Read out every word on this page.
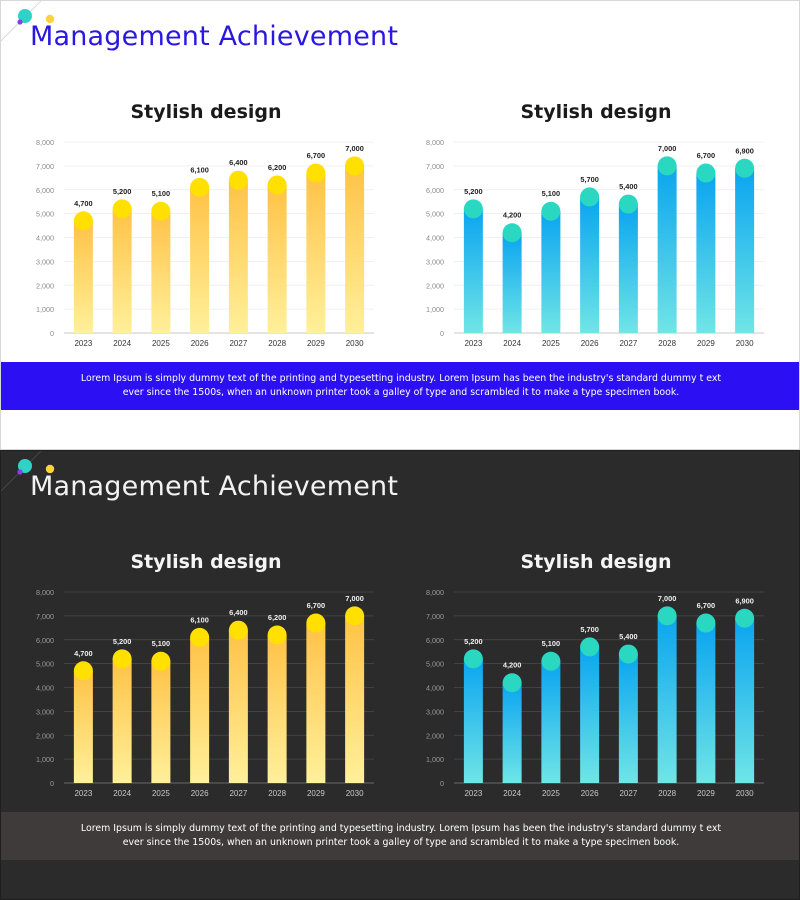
Management Achievement
Stylish design
0
1,000
2,000
3,000
4,000
5,000
6,000
7,000
8,000
4,700
2023
5,200
2024
5,100
2025
6,100
2026
6,400
2027
6,200
2028
6,700
2029
7,000
2030
Stylish design
0
1,000
2,000
3,000
4,000
5,000
6,000
7,000
8,000
5,200
2023
4,200
2024
5,100
2025
5,700
2026
5,400
2027
7,000
2028
6,700
2029
6,900
2030
Lorem Ipsum is simply dummy text of the printing and typesetting industry. Lorem Ipsum has been the industry's standard dummy t ext ever since the 1500s, when an unknown printer took a galley of type and scrambled it to make a type specimen book.
Management Achievement
Stylish design
0
1,000
2,000
3,000
4,000
5,000
6,000
7,000
8,000
4,700
2023
5,200
2024
5,100
2025
6,100
2026
6,400
2027
6,200
2028
6,700
2029
7,000
2030
Stylish design
0
1,000
2,000
3,000
4,000
5,000
6,000
7,000
8,000
5,200
2023
4,200
2024
5,100
2025
5,700
2026
5,400
2027
7,000
2028
6,700
2029
6,900
2030
Lorem Ipsum is simply dummy text of the printing and typesetting industry. Lorem Ipsum has been the industry's standard dummy t ext ever since the 1500s, when an unknown printer took a galley of type and scrambled it to make a type specimen book.
